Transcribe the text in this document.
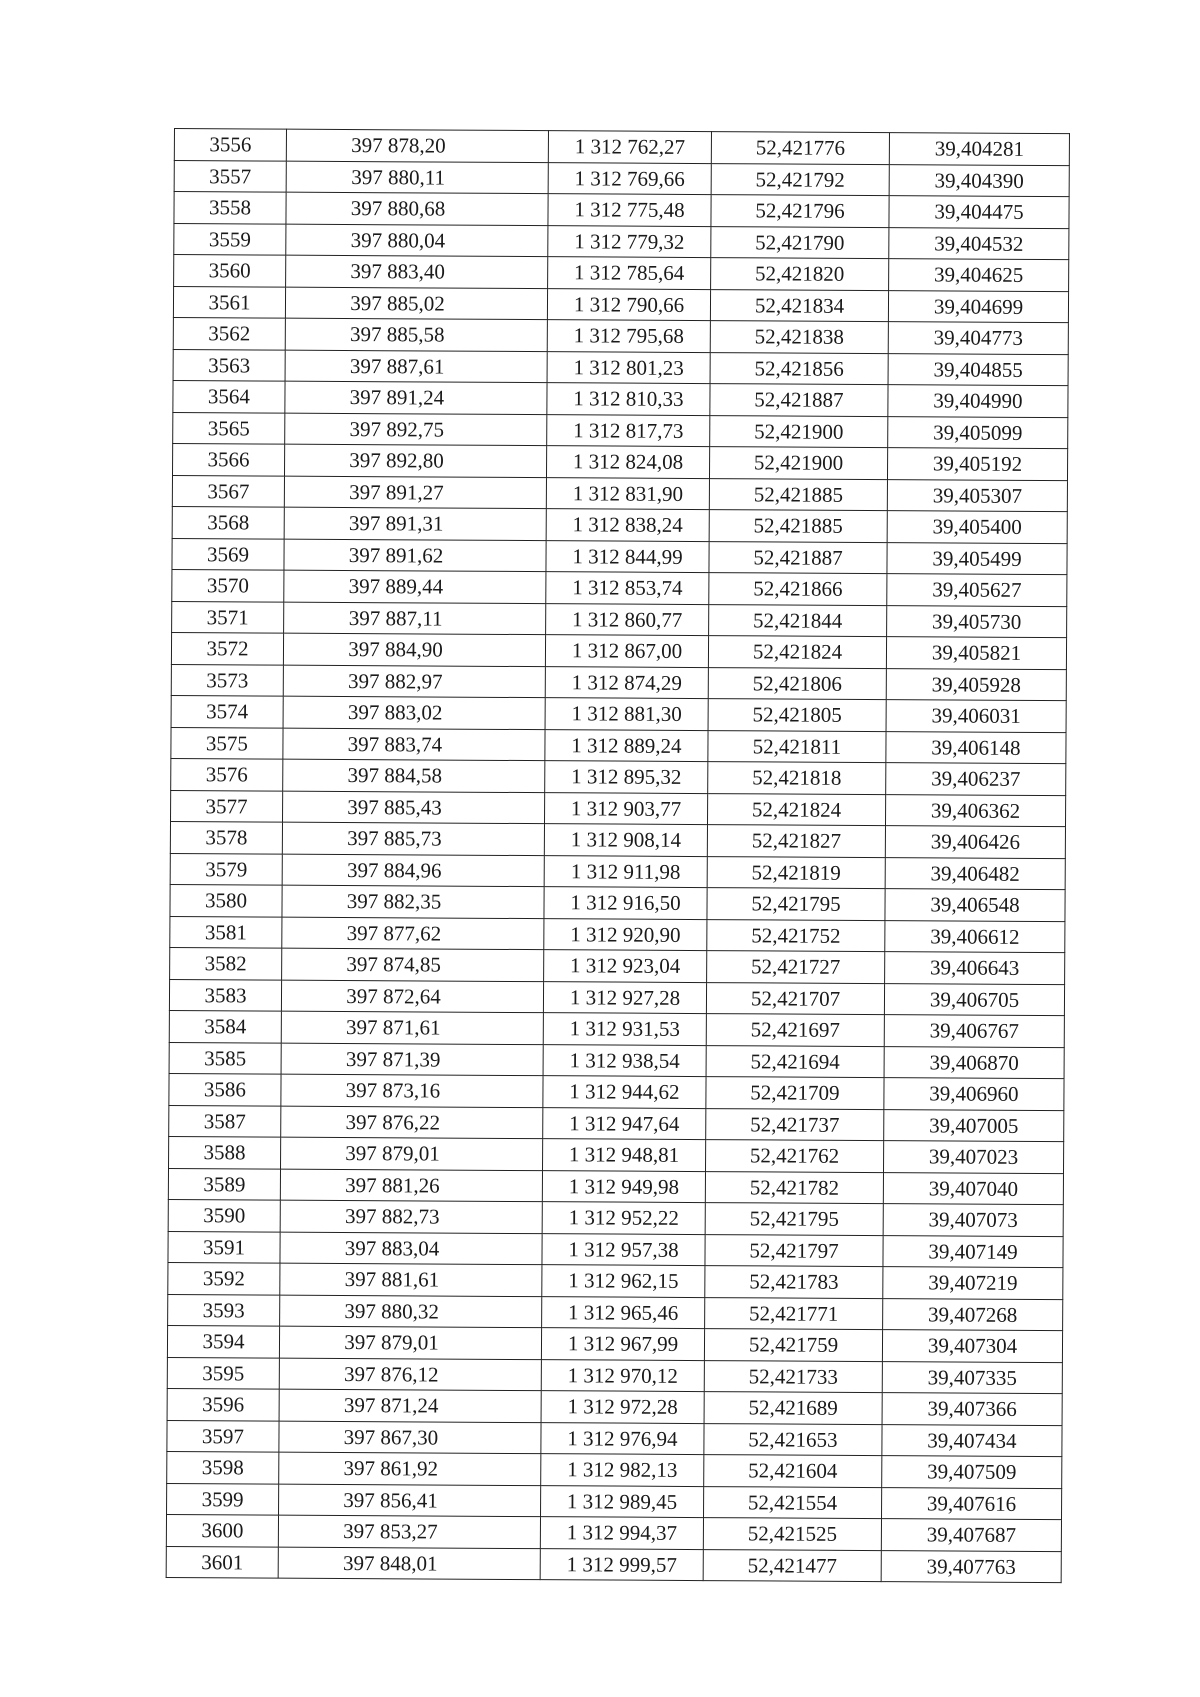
3556	397 878,20	1 312 762,27	52,421776	39,404281
3557	397 880,11	1 312 769,66	52,421792	39,404390
3558	397 880,68	1 312 775,48	52,421796	39,404475
3559	397 880,04	1 312 779,32	52,421790	39,404532
3560	397 883,40	1 312 785,64	52,421820	39,404625
3561	397 885,02	1 312 790,66	52,421834	39,404699
3562	397 885,58	1 312 795,68	52,421838	39,404773
3563	397 887,61	1 312 801,23	52,421856	39,404855
3564	397 891,24	1 312 810,33	52,421887	39,404990
3565	397 892,75	1 312 817,73	52,421900	39,405099
3566	397 892,80	1 312 824,08	52,421900	39,405192
3567	397 891,27	1 312 831,90	52,421885	39,405307
3568	397 891,31	1 312 838,24	52,421885	39,405400
3569	397 891,62	1 312 844,99	52,421887	39,405499
3570	397 889,44	1 312 853,74	52,421866	39,405627
3571	397 887,11	1 312 860,77	52,421844	39,405730
3572	397 884,90	1 312 867,00	52,421824	39,405821
3573	397 882,97	1 312 874,29	52,421806	39,405928
3574	397 883,02	1 312 881,30	52,421805	39,406031
3575	397 883,74	1 312 889,24	52,421811	39,406148
3576	397 884,58	1 312 895,32	52,421818	39,406237
3577	397 885,43	1 312 903,77	52,421824	39,406362
3578	397 885,73	1 312 908,14	52,421827	39,406426
3579	397 884,96	1 312 911,98	52,421819	39,406482
3580	397 882,35	1 312 916,50	52,421795	39,406548
3581	397 877,62	1 312 920,90	52,421752	39,406612
3582	397 874,85	1 312 923,04	52,421727	39,406643
3583	397 872,64	1 312 927,28	52,421707	39,406705
3584	397 871,61	1 312 931,53	52,421697	39,406767
3585	397 871,39	1 312 938,54	52,421694	39,406870
3586	397 873,16	1 312 944,62	52,421709	39,406960
3587	397 876,22	1 312 947,64	52,421737	39,407005
3588	397 879,01	1 312 948,81	52,421762	39,407023
3589	397 881,26	1 312 949,98	52,421782	39,407040
3590	397 882,73	1 312 952,22	52,421795	39,407073
3591	397 883,04	1 312 957,38	52,421797	39,407149
3592	397 881,61	1 312 962,15	52,421783	39,407219
3593	397 880,32	1 312 965,46	52,421771	39,407268
3594	397 879,01	1 312 967,99	52,421759	39,407304
3595	397 876,12	1 312 970,12	52,421733	39,407335
3596	397 871,24	1 312 972,28	52,421689	39,407366
3597	397 867,30	1 312 976,94	52,421653	39,407434
3598	397 861,92	1 312 982,13	52,421604	39,407509
3599	397 856,41	1 312 989,45	52,421554	39,407616
3600	397 853,27	1 312 994,37	52,421525	39,407687
3601	397 848,01	1 312 999,57	52,421477	39,407763
